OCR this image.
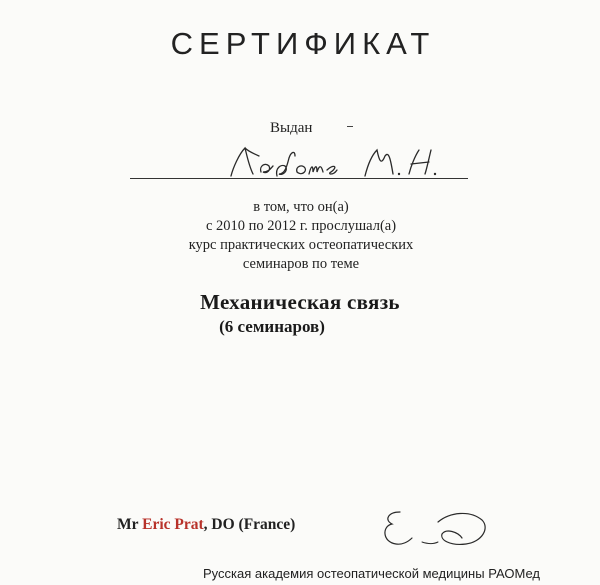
СЕРТИФИКАТ
Выдан
в том, что он(а)
с 2010 по 2012 г. прослушал(а)
курс практических остеопатических
семинаров по теме
Механическая связь
(6 семинаров)
Mr Eric Prat, DO (France)
Русская академия остеопатической медицины РАОМед
